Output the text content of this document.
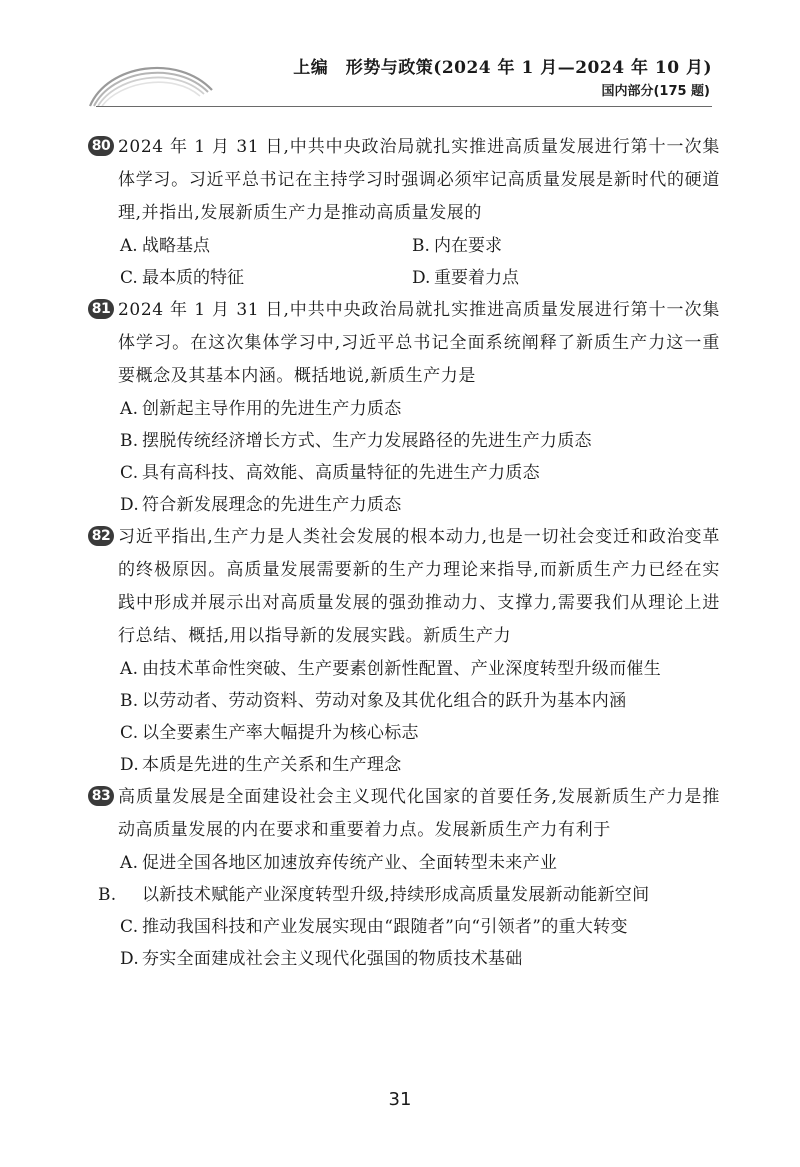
上编　形势与政策(2024 年 1 月—2024 年 10 月)
国内部分(175 题)
80 2024 年 1 月 31 日,中共中央政治局就扎实推进高质量发展进行第十一次集体学习。习近平总书记在主持学习时强调必须牢记高质量发展是新时代的硬道理,并指出,发展新质生产力是推动高质量发展的
A. 战略基点	B. 内在要求
C. 最本质的特征	D. 重要着力点
81 2024 年 1 月 31 日,中共中央政治局就扎实推进高质量发展进行第十一次集体学习。在这次集体学习中,习近平总书记全面系统阐释了新质生产力这一重要概念及其基本内涵。概括地说,新质生产力是
A. 创新起主导作用的先进生产力质态
B. 摆脱传统经济增长方式、生产力发展路径的先进生产力质态
C. 具有高科技、高效能、高质量特征的先进生产力质态
D. 符合新发展理念的先进生产力质态
82 习近平指出,生产力是人类社会发展的根本动力,也是一切社会变迁和政治变革的终极原因。高质量发展需要新的生产力理论来指导,而新质生产力已经在实践中形成并展示出对高质量发展的强劲推动力、支撑力,需要我们从理论上进行总结、概括,用以指导新的发展实践。新质生产力
A. 由技术革命性突破、生产要素创新性配置、产业深度转型升级而催生
B. 以劳动者、劳动资料、劳动对象及其优化组合的跃升为基本内涵
C. 以全要素生产率大幅提升为核心标志
D. 本质是先进的生产关系和生产理念
83 高质量发展是全面建设社会主义现代化国家的首要任务,发展新质生产力是推动高质量发展的内在要求和重要着力点。发展新质生产力有利于
A. 促进全国各地区加速放弃传统产业、全面转型未来产业
B. 以新技术赋能产业深度转型升级,持续形成高质量发展新动能新空间
C. 推动我国科技和产业发展实现由“跟随者”向“引领者”的重大转变
D. 夯实全面建成社会主义现代化强国的物质技术基础
31
